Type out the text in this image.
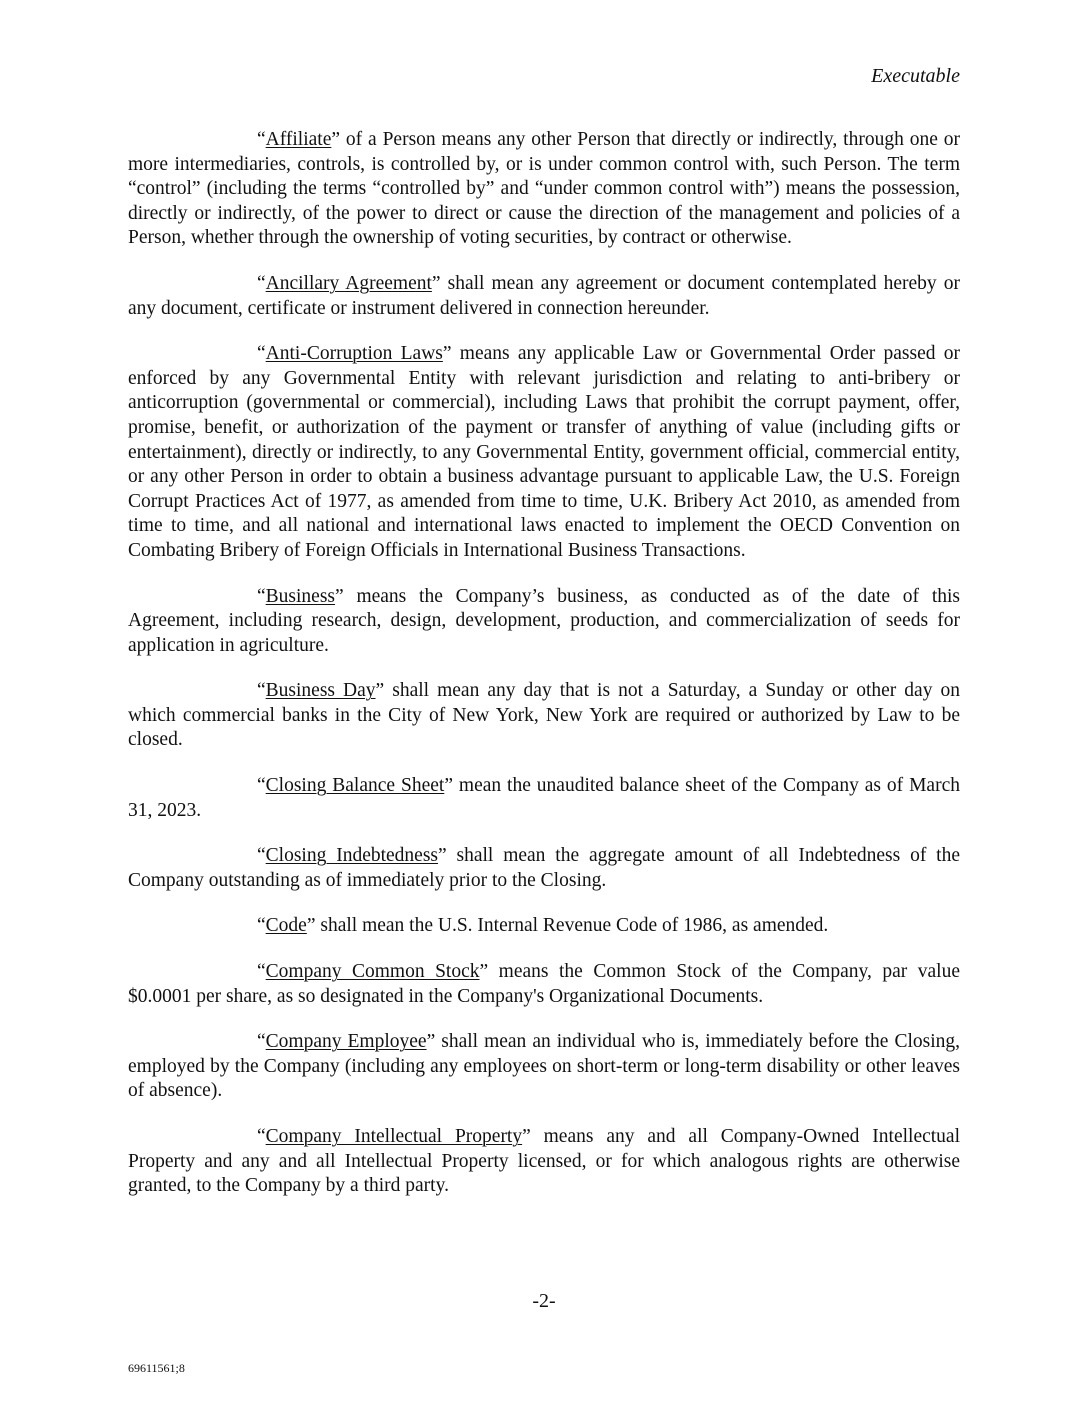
Executable

“Affiliate” of a Person means any other Person that directly or indirectly, through one or more intermediaries, controls, is controlled by, or is under common control with, such Person. The term “control” (including the terms “controlled by” and “under common control with”) means the possession, directly or indirectly, of the power to direct or cause the direction of the management and policies of a Person, whether through the ownership of voting securities, by contract or otherwise.

“Ancillary Agreement” shall mean any agreement or document contemplated hereby or any document, certificate or instrument delivered in connection hereunder.

“Anti-Corruption Laws” means any applicable Law or Governmental Order passed or enforced by any Governmental Entity with relevant jurisdiction and relating to anti-bribery or anticorruption (governmental or commercial), including Laws that prohibit the corrupt payment, offer, promise, benefit, or authorization of the payment or transfer of anything of value (including gifts or entertainment), directly or indirectly, to any Governmental Entity, government official, commercial entity, or any other Person in order to obtain a business advantage pursuant to applicable Law, the U.S. Foreign Corrupt Practices Act of 1977, as amended from time to time, U.K. Bribery Act 2010, as amended from time to time, and all national and international laws enacted to implement the OECD Convention on Combating Bribery of Foreign Officials in International Business Transactions.

“Business” means the Company’s business, as conducted as of the date of this Agreement, including research, design, development, production, and commercialization of seeds for application in agriculture.

“Business Day” shall mean any day that is not a Saturday, a Sunday or other day on which commercial banks in the City of New York, New York are required or authorized by Law to be closed.

“Closing Balance Sheet” mean the unaudited balance sheet of the Company as of March 31, 2023.

“Closing Indebtedness” shall mean the aggregate amount of all Indebtedness of the Company outstanding as of immediately prior to the Closing.

“Code” shall mean the U.S. Internal Revenue Code of 1986, as amended.

“Company Common Stock” means the Common Stock of the Company, par value $0.0001 per share, as so designated in the Company's Organizational Documents.

“Company Employee” shall mean an individual who is, immediately before the Closing, employed by the Company (including any employees on short-term or long-term disability or other leaves of absence).

“Company Intellectual Property” means any and all Company-Owned Intellectual Property and any and all Intellectual Property licensed, or for which analogous rights are otherwise granted, to the Company by a third party.

-2-
69611561;8
